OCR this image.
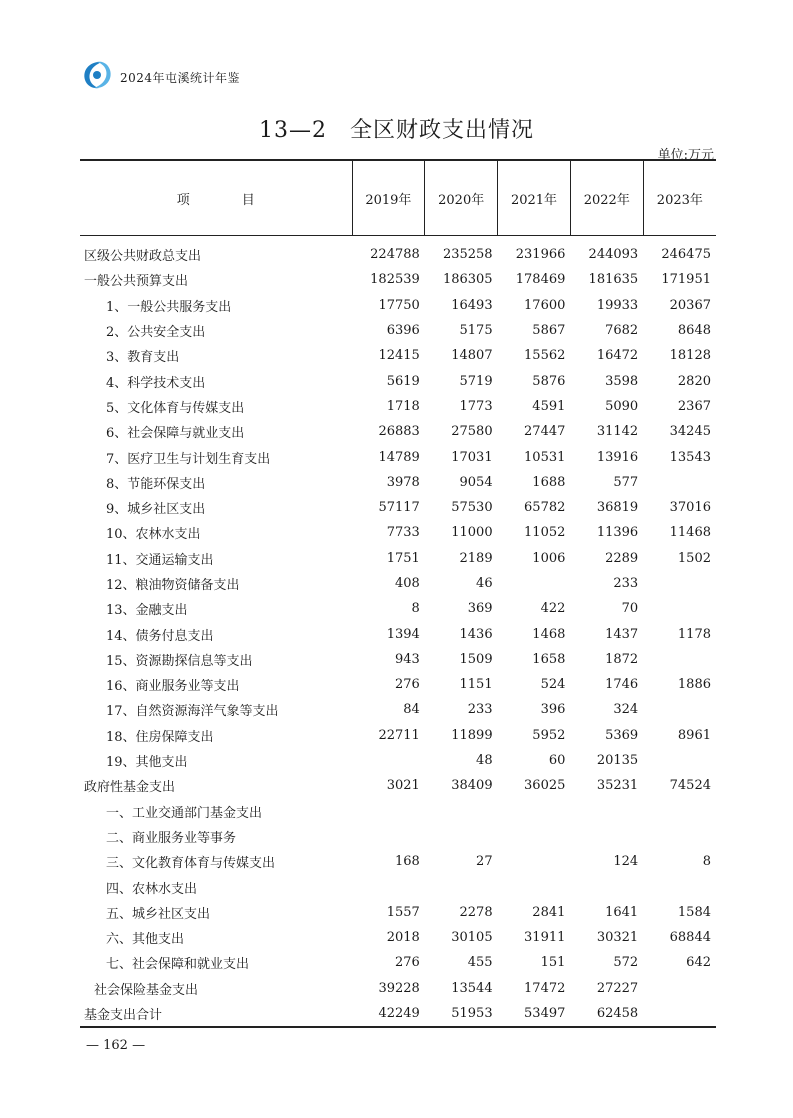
2024年屯溪统计年鉴
13—2　全区财政支出情况
单位:万元
项　　　　目	2019年	2020年	2021年	2022年	2023年
区级公共财政总支出	224788	235258	231966	244093	246475
一般公共预算支出	182539	186305	178469	181635	171951
1、一般公共服务支出	17750	16493	17600	19933	20367
2、公共安全支出	6396	5175	5867	7682	8648
3、教育支出	12415	14807	15562	16472	18128
4、科学技术支出	5619	5719	5876	3598	2820
5、文化体育与传媒支出	1718	1773	4591	5090	2367
6、社会保障与就业支出	26883	27580	27447	31142	34245
7、医疗卫生与计划生育支出	14789	17031	10531	13916	13543
8、节能环保支出	3978	9054	1688	577	
9、城乡社区支出	57117	57530	65782	36819	37016
10、农林水支出	7733	11000	11052	11396	11468
11、交通运输支出	1751	2189	1006	2289	1502
12、粮油物资储备支出	408	46		233	
13、金融支出	8	369	422	70	
14、债务付息支出	1394	1436	1468	1437	1178
15、资源勘探信息等支出	943	1509	1658	1872	
16、商业服务业等支出	276	1151	524	1746	1886
17、自然资源海洋气象等支出	84	233	396	324	
18、住房保障支出	22711	11899	5952	5369	8961
19、其他支出		48	60	20135	
政府性基金支出	3021	38409	36025	35231	74524
一、工业交通部门基金支出					
二、商业服务业等事务					
三、文化教育体育与传媒支出	168	27		124	8
四、农林水支出					
五、城乡社区支出	1557	2278	2841	1641	1584
六、其他支出	2018	30105	31911	30321	68844
七、社会保障和就业支出	276	455	151	572	642
社会保险基金支出	39228	13544	17472	27227	
基金支出合计	42249	51953	53497	62458	
— 162 —
